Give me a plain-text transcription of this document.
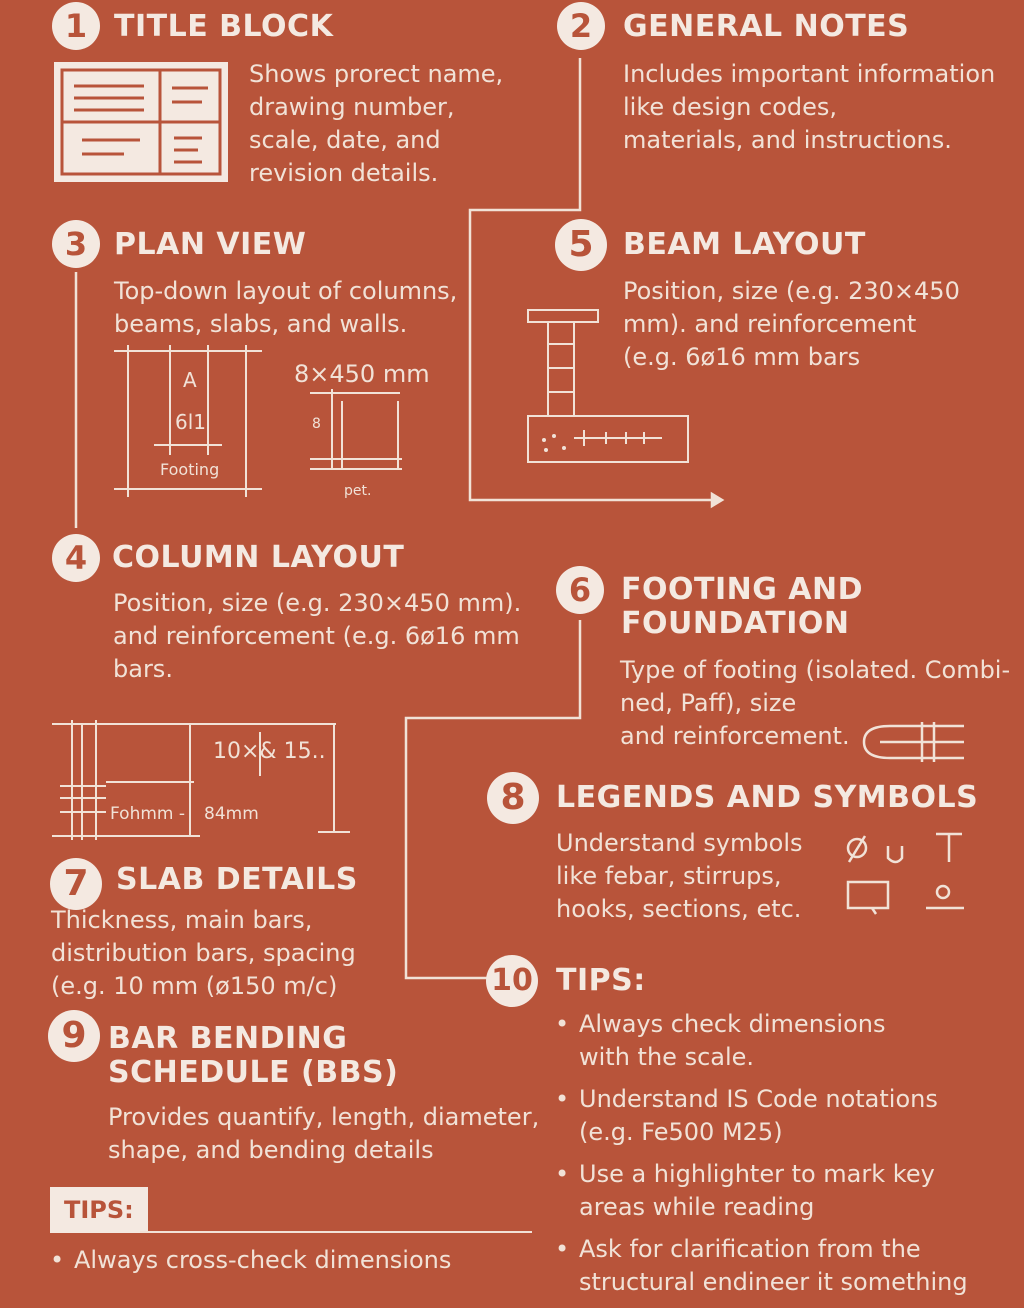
1 TITLE BLOCK
Shows prorect name,
drawing number,
scale, date, and
revision details.
2	GENERAL NOTES
Includes important information
like design codes,
materials, and instructions.
3 PLAN VIEW
Top-down layout of columns,
beams, slabs, and walls.
A
6l1
Footing
8×450 mm
8
pet.
5 BEAM LAYOUT
Position, size (e.g. 230×450
mm). and reinforcement
(e.g. 6ø16 mm bars
4 COLUMN LAYOUT
Position, size (e.g. 230×450 mm).
and reinforcement (e.g. 6ø16 mm
bars.
10×& 15..
Fohmm - 84mm
6 FOOTING AND
FOUNDATION
Type of footing (isolated. Combi-
ned, Paff), size
and reinforcement.
8	LEGENDS AND SYMBOLS
Understand symbols
like febar, stirrups,
hooks, sections, etc.
7 SLAB DETAILS
Thickness, main bars,
distribution bars, spacing
(e.g. 10 mm (ø150 m/c)	10 TIPS:
• Always check dimensions
with the scale.
• Understand IS Code notations
(e.g. Fe500 M25)
• Use a highlighter to mark key
areas while reading
• Ask for clarification from the
structural endineer it something
9 BAR BENDING
SCHEDULE (BBS)
Provides quantify, length, diameter,
shape, and bending details
TIPS:
• Always cross-check dimensions
